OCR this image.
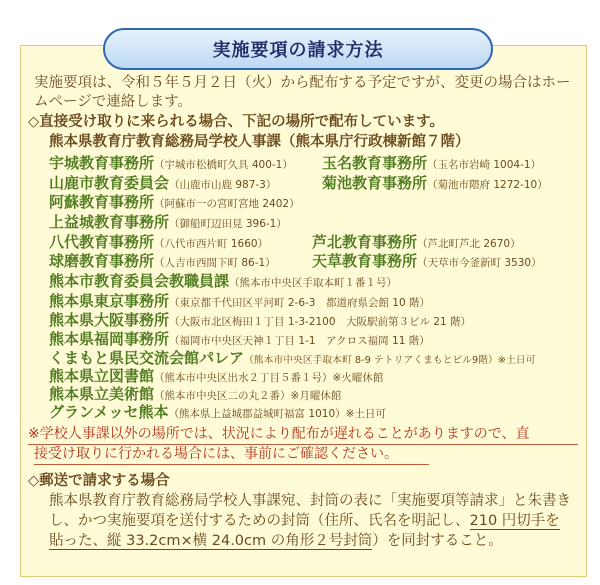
実施要項の請求方法
実施要項は、令和５年５月２日（火）から配布する予定ですが、変更の場合はホー
ムページで連絡します。
◇直接受け取りに来られる場合、下記の場所で配布しています。
熊本県教育庁教育総務局学校人事課（熊本県庁行政棟新館７階）
宇城教育事務所（宇城市松橋町久具 400-1） 玉名教育事務所（玉名市岩崎 1004-1）
山鹿市教育委員会（山鹿市山鹿 987-3）	菊池教育事務所（菊池市隈府 1272-10）
阿蘇教育事務所（阿蘇市一の宮町宮地 2402）
上益城教育事務所（御船町辺田見 396-1）
八代教育事務所（八代市西片町 1660）	芦北教育事務所（芦北町芦北 2670）
球磨教育事務所（人吉市西間下町 86-1） 天草教育事務所（天草市今釜新町 3530）
熊本市教育委員会教職員課（熊本市中央区手取本町１番１号）
熊本県東京事務所（東京都千代田区平河町 2-6-3　都道府県会館 10 階）
熊本県大阪事務所（大阪市北区梅田１丁目 1-3-2100　大阪駅前第３ビル 21 階）
熊本県福岡事務所（福岡市中央区天神１丁目 1-1　アクロス福岡 11 階）
くまもと県民交流会館パレア（熊本市中央区手取本町 8-9 テトリアくまもとビル9階）※土日可
熊本県立図書館（熊本市中央区出水２丁目５番１号）※火曜休館
熊本県立美術館（熊本市中央区二の丸２番）※月曜休館
グランメッセ熊本（熊本県上益城郡益城町福富 1010）※土日可
※学校人事課以外の場所では、状況により配布が遅れることがありますので、直
接受け取りに行かれる場合には、事前にご確認ください。
◇郵送で請求する場合
熊本県教育庁教育総務局学校人事課宛、封筒の表に「実施要項等請求」と朱書き
し、かつ実施要項を送付するための封筒（住所、氏名を明記し、210 円切手を
貼った、縦 33.2cm×横 24.0cm の角形２号封筒）を同封すること。
